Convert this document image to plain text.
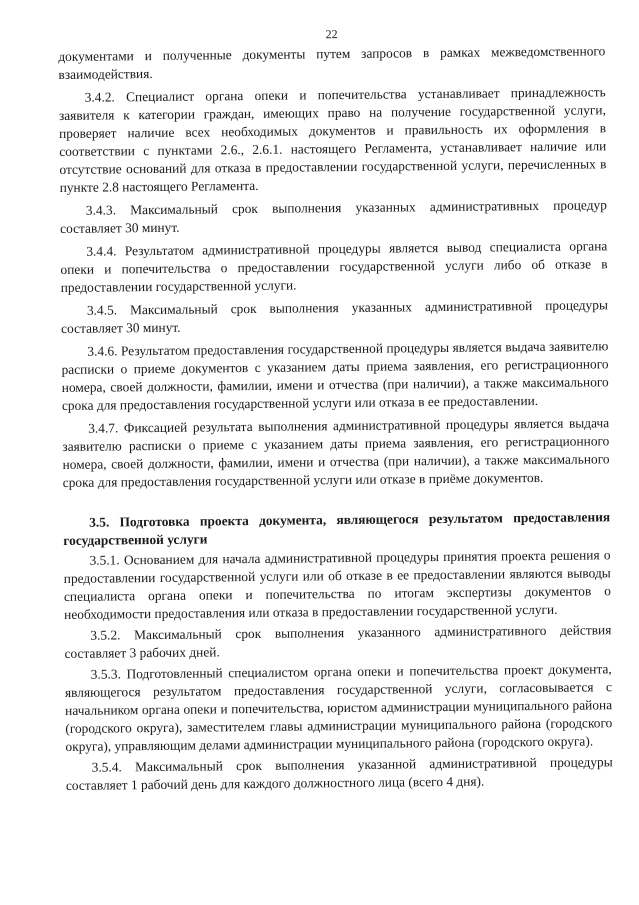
22

документами и полученные документы путем запросов в рамках межведомственного взаимодействия.

3.4.2. Специалист органа опеки и попечительства устанавливает принадлежность заявителя к категории граждан, имеющих право на получение государственной услуги, проверяет наличие всех необходимых документов и правильность их оформления в соответствии с пунктами 2.6., 2.6.1. настоящего Регламента, устанавливает наличие или отсутствие оснований для отказа в предоставлении государственной услуги, перечисленных в пункте 2.8 настоящего Регламента.

3.4.3. Максимальный срок выполнения указанных административных процедур составляет 30 минут.

3.4.4. Результатом административной процедуры является вывод специалиста органа опеки и попечительства о предоставлении государственной услуги либо об отказе в предоставлении государственной услуги.

3.4.5. Максимальный срок выполнения указанных административной процедуры составляет 30 минут.

3.4.6. Результатом предоставления государственной процедуры является выдача заявителю расписки о приеме документов с указанием даты приема заявления, его регистрационного номера, своей должности, фамилии, имени и отчества (при наличии), а также максимального срока для предоставления государственной услуги или отказа в ее предоставлении.

3.4.7. Фиксацией результата выполнения административной процедуры является выдача заявителю расписки о приеме с указанием даты приема заявления, его регистрационного номера, своей должности, фамилии, имени и отчества (при наличии), а также максимального срока для предоставления государственной услуги или отказе в приёме документов.

3.5. Подготовка проекта документа, являющегося результатом предоставления государственной услуги

3.5.1. Основанием для начала административной процедуры принятия проекта решения о предоставлении государственной услуги или об отказе в ее предоставлении являются выводы специалиста органа опеки и попечительства по итогам экспертизы документов о необходимости предоставления или отказа в предоставлении государственной услуги.

3.5.2. Максимальный срок выполнения указанного административного действия составляет 3 рабочих дней.

3.5.3. Подготовленный специалистом органа опеки и попечительства проект документа, являющегося результатом предоставления государственной услуги, согласовывается с начальником органа опеки и попечительства, юристом администрации муниципального района (городского округа), заместителем главы администрации муниципального района (городского округа), управляющим делами администрации муниципального района (городского округа).

3.5.4. Максимальный срок выполнения указанной административной процедуры составляет 1 рабочий день для каждого должностного лица (всего 4 дня).
